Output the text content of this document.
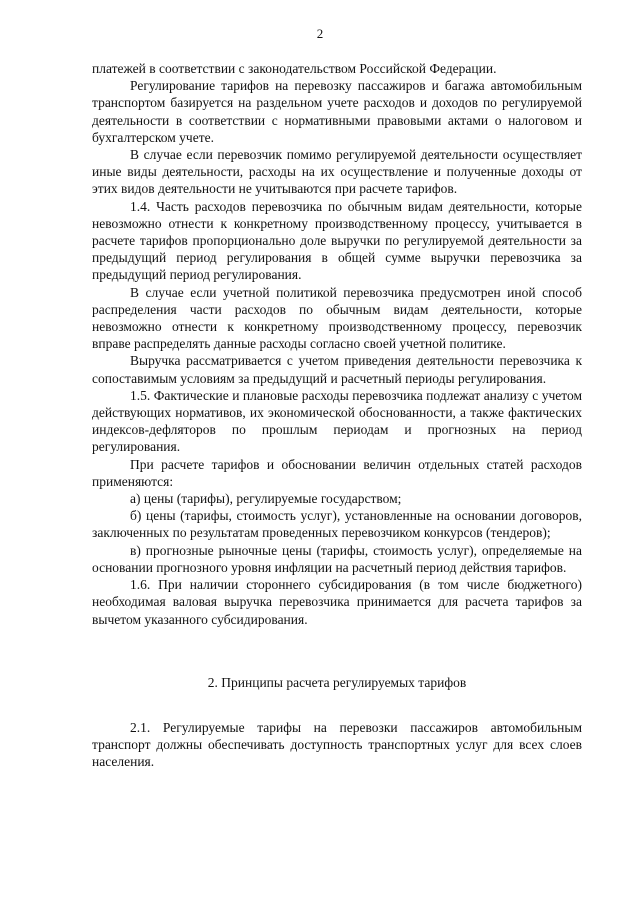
2

платежей в соответствии с законодательством Российской Федерации.

Регулирование тарифов на перевозку пассажиров и багажа автомобильным транспортом базируется на раздельном учете расходов и доходов по регулируемой деятельности в соответствии с нормативными правовыми актами о налоговом и бухгалтерском учете.

В случае если перевозчик помимо регулируемой деятельности осуществляет иные виды деятельности, расходы на их осуществление и полученные доходы от этих видов деятельности не учитываются при расчете тарифов.

1.4. Часть расходов перевозчика по обычным видам деятельности, которые невозможно отнести к конкретному производственному процессу, учитывается в расчете тарифов пропорционально доле выручки по регулируемой деятельности за предыдущий период регулирования в общей сумме выручки перевозчика за предыдущий период регулирования.

В случае если учетной политикой перевозчика предусмотрен иной способ распределения части расходов по обычным видам деятельности, которые невозможно отнести к конкретному производственному процессу, перевозчик вправе распределять данные расходы согласно своей учетной политике.

Выручка рассматривается с учетом приведения деятельности перевозчика к сопоставимым условиям за предыдущий и расчетный периоды регулирования.

1.5. Фактические и плановые расходы перевозчика подлежат анализу с учетом действующих нормативов, их экономической обоснованности, а также фактических индексов-дефляторов по прошлым периодам и прогнозных на период регулирования.

При расчете тарифов и обосновании величин отдельных статей расходов применяются:

а) цены (тарифы), регулируемые государством;

б) цены (тарифы, стоимость услуг), установленные на основании договоров, заключенных по результатам проведенных перевозчиком конкурсов (тендеров);

в) прогнозные рыночные цены (тарифы, стоимость услуг), определяемые на основании прогнозного уровня инфляции на расчетный период действия тарифов.

1.6. При наличии стороннего субсидирования (в том числе бюджетного) необходимая валовая выручка перевозчика принимается для расчета тарифов за вычетом указанного субсидирования.

2. Принципы расчета регулируемых тарифов

2.1. Регулируемые тарифы на перевозки пассажиров автомобильным транспорт должны обеспечивать доступность транспортных услуг для всех слоев населения.
